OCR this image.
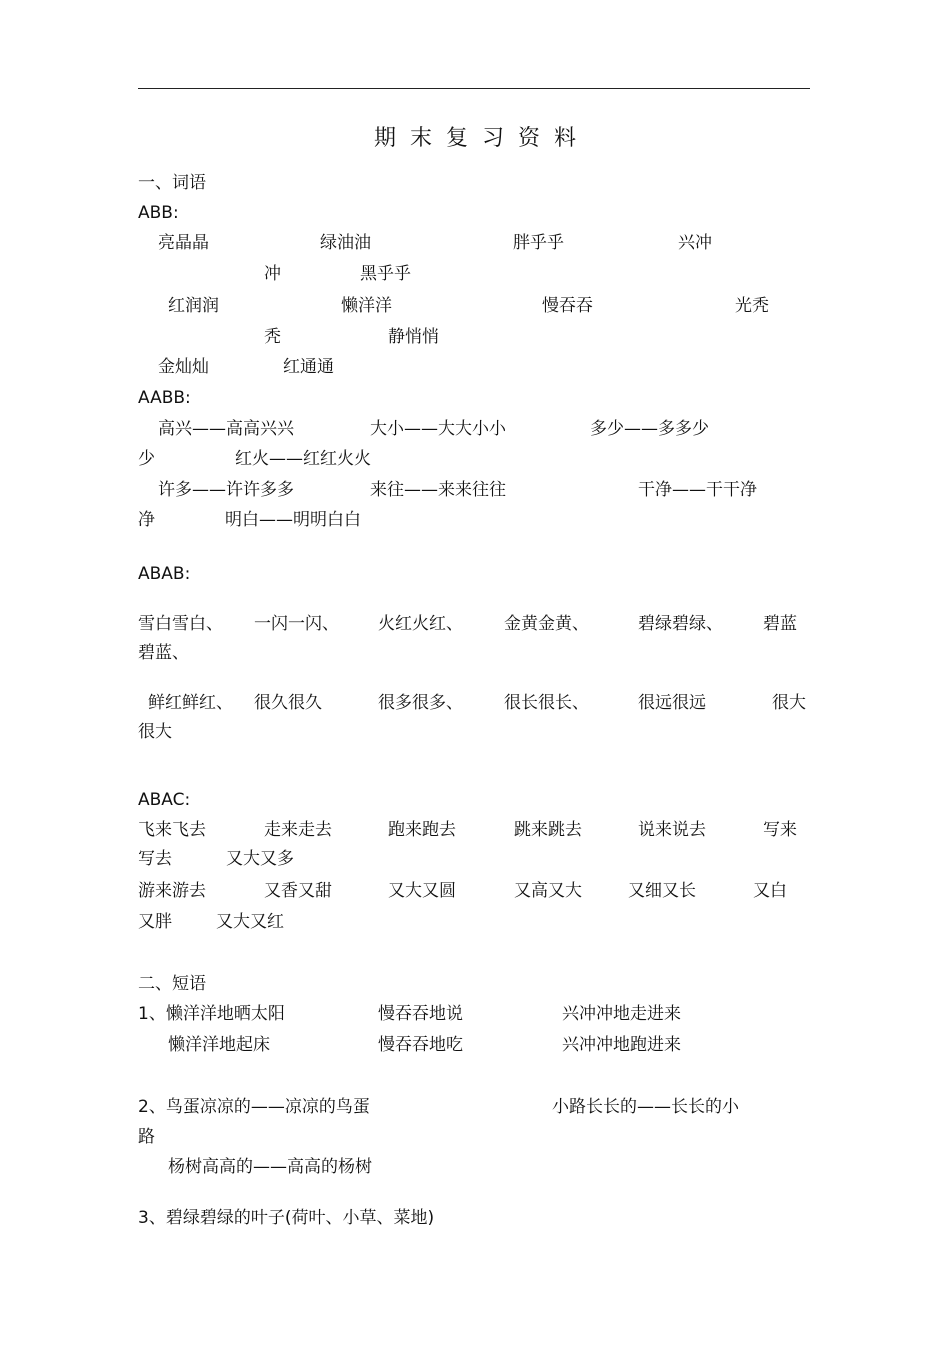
期末复习资料
一、词语
ABB:
亮晶晶	绿油油	胖乎乎	兴冲
冲	黑乎乎
红润润	懒洋洋	慢吞吞	光秃
秃	静悄悄
金灿灿	红通通
AABB:
高兴——高高兴兴	大小——大大小小	多少——多多少
少	红火——红红火火
许多——许许多多	来往——来来往往	干净——干干净
净	明白——明明白白
ABAB:
雪白雪白、 一闪一闪、 火红火红、 金黄金黄、	碧绿碧绿、 碧蓝
碧蓝、
鲜红鲜红、 很久很久	很多很多、 很长很长、	很远很远	很大
很大
ABAC:
飞来飞去	走来走去	跑来跑去	跳来跳去	说来说去	写来
写去	又大又多
游来游去	又香又甜	又大又圆	又高又大	又细又长	又白
又胖	又大又红
二、短语
1、懒洋洋地晒太阳	慢吞吞地说	兴冲冲地走进来
懒洋洋地起床	慢吞吞地吃	兴冲冲地跑进来
2、鸟蛋凉凉的——凉凉的鸟蛋	小路长长的——长长的小
路
杨树高高的——高高的杨树
3、碧绿碧绿的叶子(荷叶、小草、菜地)
